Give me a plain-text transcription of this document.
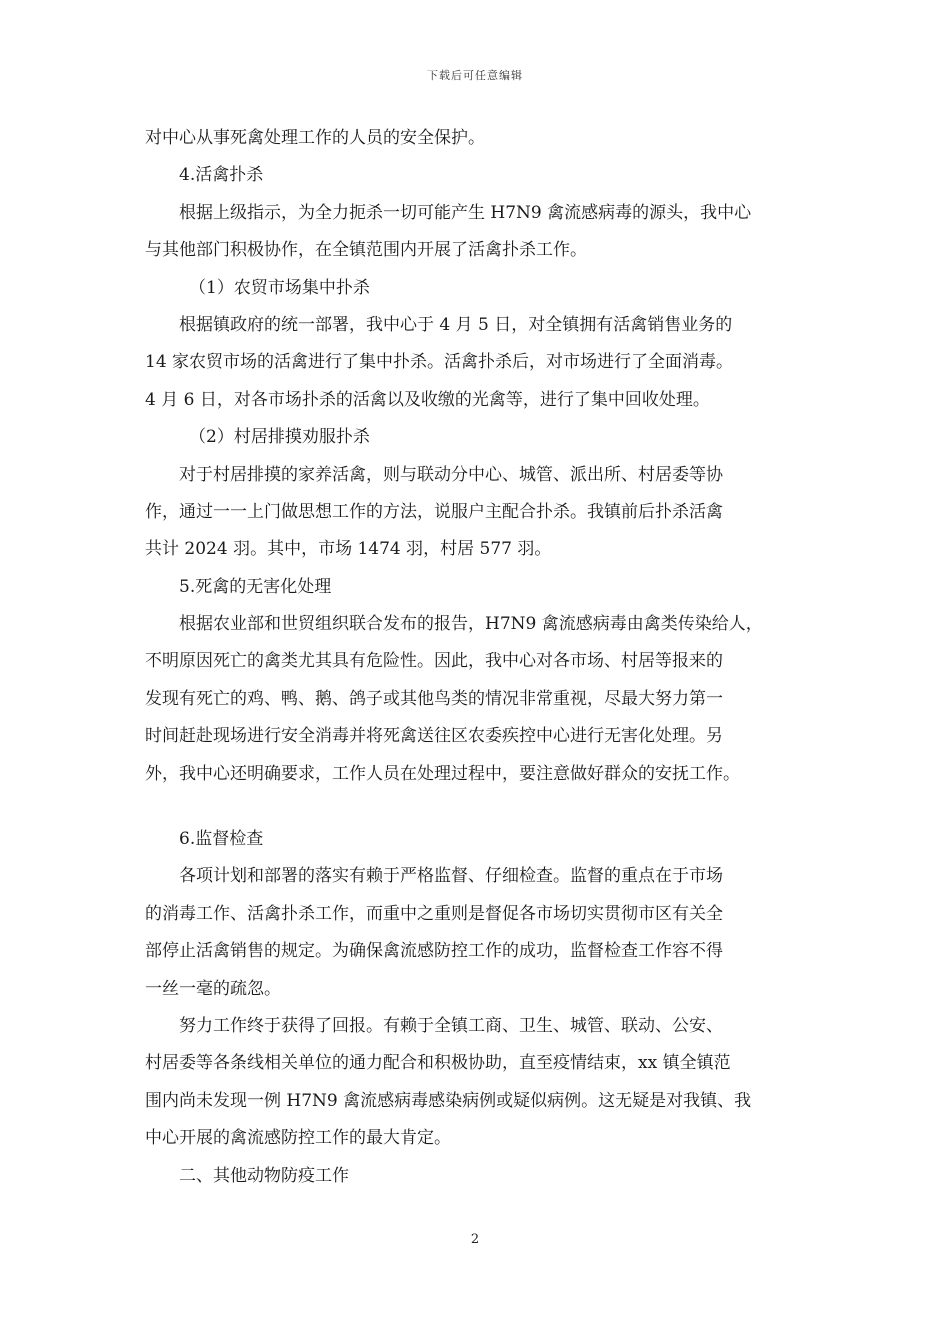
下载后可任意编辑
对中心从事死禽处理工作的人员的安全保护。
4.活禽扑杀
根据上级指示，为全力扼杀一切可能产生 H7N9 禽流感病毒的源头，我中心
与其他部门积极协作，在全镇范围内开展了活禽扑杀工作。
（1）农贸市场集中扑杀
根据镇政府的统一部署，我中心于 4 月 5 日，对全镇拥有活禽销售业务的
14 家农贸市场的活禽进行了集中扑杀。活禽扑杀后，对市场进行了全面消毒。
4 月 6 日，对各市场扑杀的活禽以及收缴的光禽等，进行了集中回收处理。
（2）村居排摸劝服扑杀
对于村居排摸的家养活禽，则与联动分中心、城管、派出所、村居委等协
作，通过一一上门做思想工作的方法，说服户主配合扑杀。我镇前后扑杀活禽
共计 2024 羽。其中，市场 1474 羽，村居 577 羽。
5.死禽的无害化处理
根据农业部和世贸组织联合发布的报告，H7N9 禽流感病毒由禽类传染给人，
不明原因死亡的禽类尤其具有危险性。因此，我中心对各市场、村居等报来的
发现有死亡的鸡、鸭、鹅、鸽子或其他鸟类的情况非常重视，尽最大努力第一
时间赶赴现场进行安全消毒并将死禽送往区农委疾控中心进行无害化处理。另
外，我中心还明确要求，工作人员在处理过程中，要注意做好群众的安抚工作。
6.监督检查
各项计划和部署的落实有赖于严格监督、仔细检查。监督的重点在于市场
的消毒工作、活禽扑杀工作，而重中之重则是督促各市场切实贯彻市区有关全
部停止活禽销售的规定。为确保禽流感防控工作的成功，监督检查工作容不得
一丝一毫的疏忽。
努力工作终于获得了回报。有赖于全镇工商、卫生、城管、联动、公安、
村居委等各条线相关单位的通力配合和积极协助，直至疫情结束，xx 镇全镇范
围内尚未发现一例 H7N9 禽流感病毒感染病例或疑似病例。这无疑是对我镇、我
中心开展的禽流感防控工作的最大肯定。
二、其他动物防疫工作
2
